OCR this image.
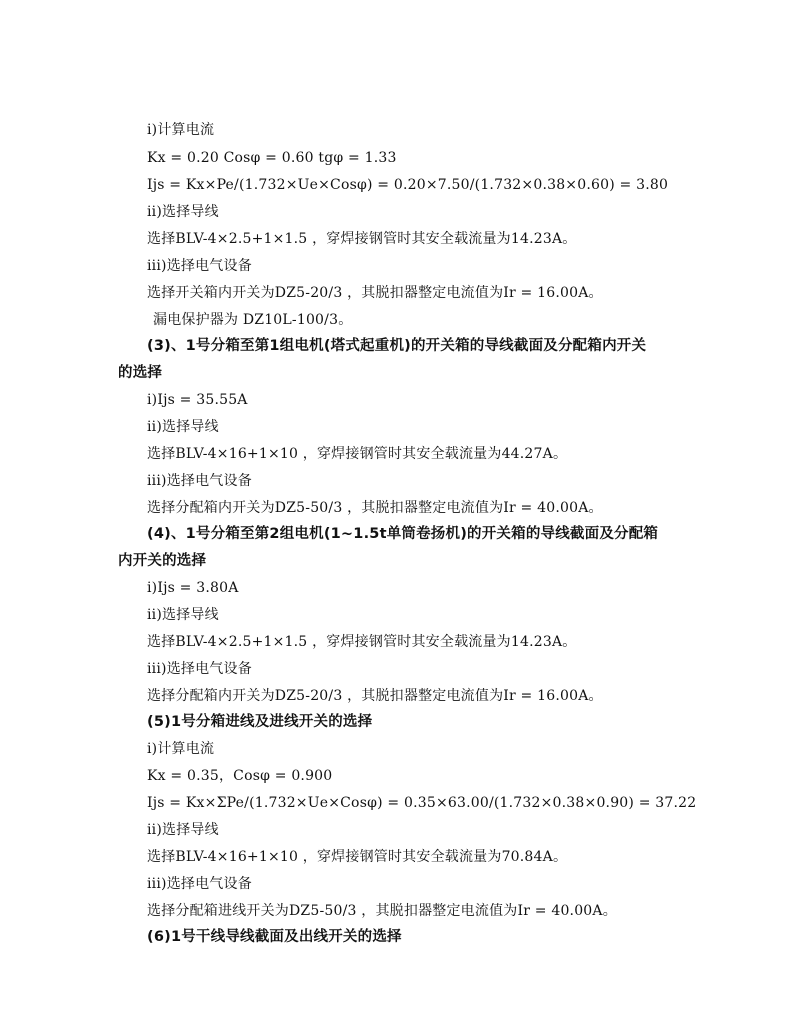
i)计算电流
Kx = 0.20 Cosφ = 0.60 tgφ = 1.33
Ijs = Kx×Pe/(1.732×Ue×Cosφ) = 0.20×7.50/(1.732×0.38×0.60) = 3.80
ii)选择导线
选择BLV-4×2.5+1×1.5 ，穿焊接钢管时其安全载流量为14.23A。
iii)选择电气设备
选择开关箱内开关为DZ5-20/3 ，其脱扣器整定电流值为Ir = 16.00A。
漏电保护器为 DZ10L-100/3。
(3)、1号分箱至第1组电机(塔式起重机)的开关箱的导线截面及分配箱内开关
的选择
i)Ijs = 35.55A
ii)选择导线
选择BLV-4×16+1×10 ，穿焊接钢管时其安全载流量为44.27A。
iii)选择电气设备
选择分配箱内开关为DZ5-50/3 ，其脱扣器整定电流值为Ir = 40.00A。
(4)、1号分箱至第2组电机(1~1.5t单筒卷扬机)的开关箱的导线截面及分配箱
内开关的选择
i)Ijs = 3.80A
ii)选择导线
选择BLV-4×2.5+1×1.5 ，穿焊接钢管时其安全载流量为14.23A。
iii)选择电气设备
选择分配箱内开关为DZ5-20/3 ，其脱扣器整定电流值为Ir = 16.00A。
(5)1号分箱进线及进线开关的选择
i)计算电流
Kx = 0.35，Cosφ = 0.900
Ijs = Kx×ΣPe/(1.732×Ue×Cosφ) = 0.35×63.00/(1.732×0.38×0.90) = 37.22
ii)选择导线
选择BLV-4×16+1×10 ，穿焊接钢管时其安全载流量为70.84A。
iii)选择电气设备
选择分配箱进线开关为DZ5-50/3 ，其脱扣器整定电流值为Ir = 40.00A。
(6)1号干线导线截面及出线开关的选择
